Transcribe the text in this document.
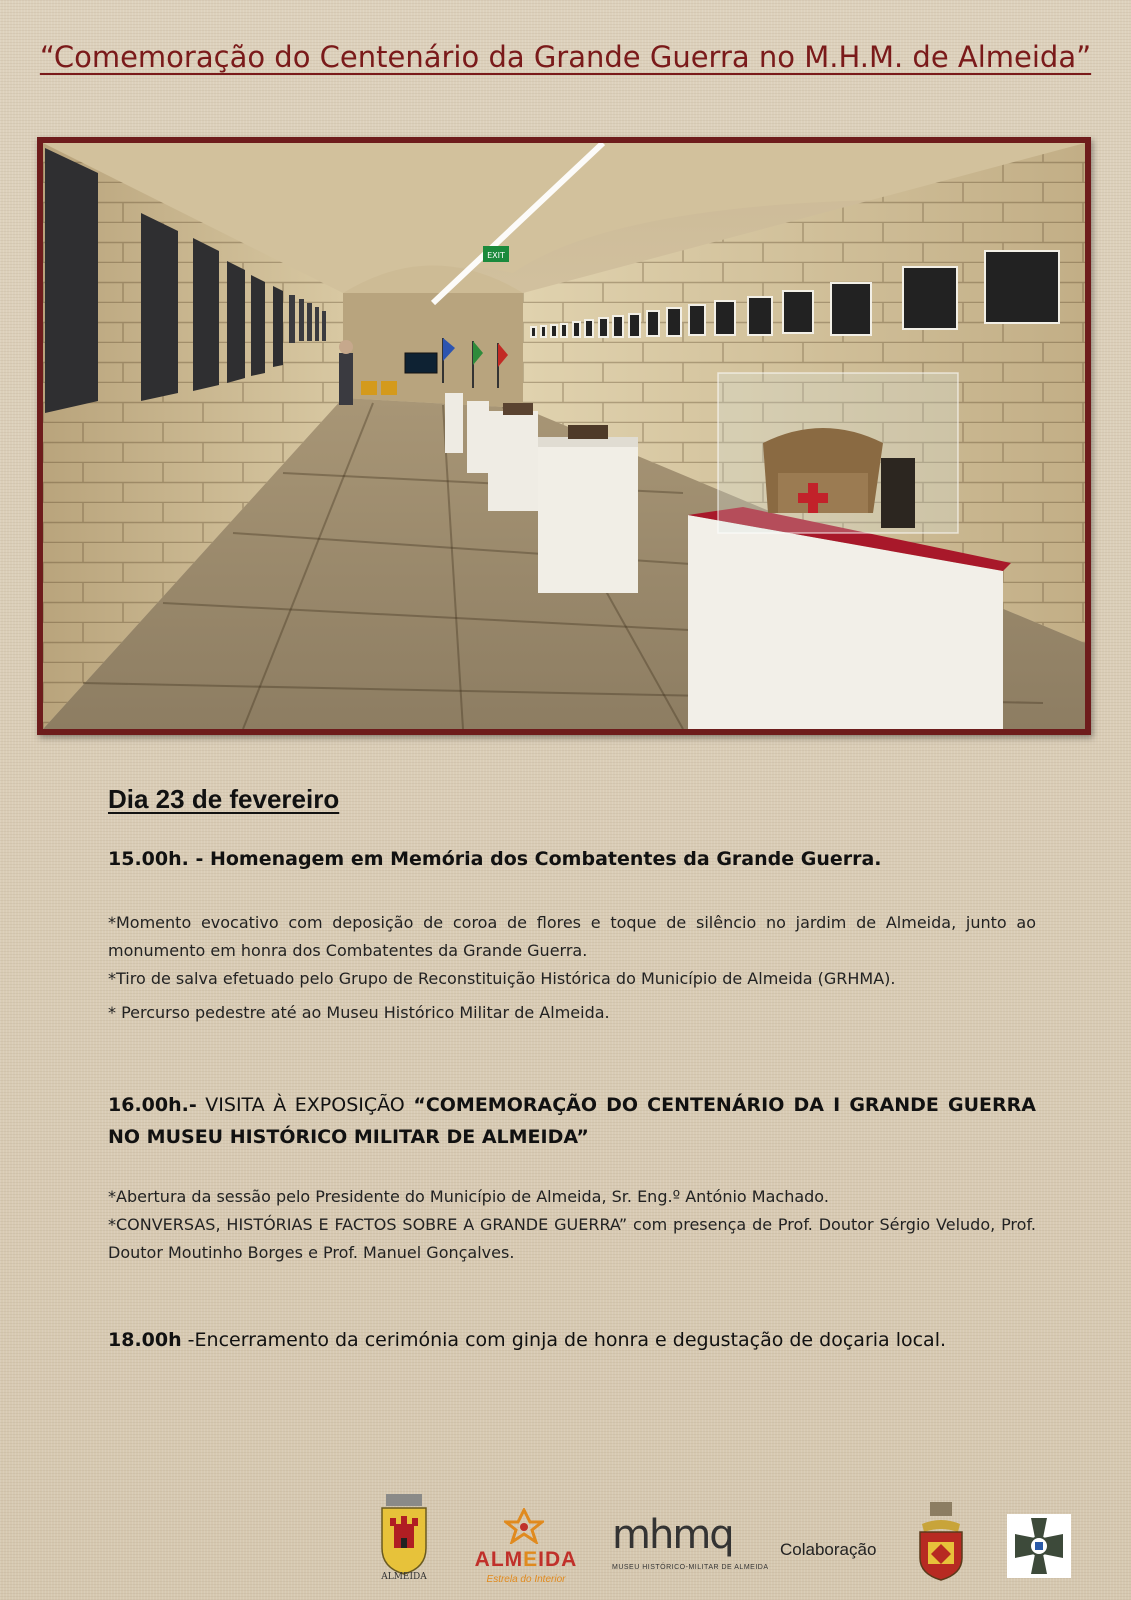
“Comemoração do Centenário da Grande Guerra no M.H.M. de Almeida”
EXIT
Dia 23 de fevereiro
15.00h. - Homenagem em Memória dos Combatentes da Grande Guerra.
*Momento evocativo com deposição de coroa de flores e toque de silêncio no jardim de Almeida, junto ao monumento em honra dos Combatentes da Grande Guerra.
*Tiro de salva efetuado pelo Grupo de Reconstituição Histórica do Município de Almeida (GRHMA).
* Percurso pedestre até ao Museu Histórico Militar de Almeida.
16.00h.- VISITA À EXPOSIÇÃO “COMEMORAÇÃO DO CENTENÁRIO DA I GRANDE GUERRA NO MUSEU HISTÓRICO MILITAR DE ALMEIDA”
*Abertura da sessão pelo Presidente do Município de Almeida, Sr. Eng.º António Machado.
*CONVERSAS, HISTÓRIAS E FACTOS SOBRE A GRANDE GUERRA” com presença de Prof. Doutor Sérgio Veludo, Prof. Doutor Moutinho Borges e Prof. Manuel Gonçalves.
18.00h -Encerramento da cerimónia com ginja de honra e degustação de doçaria local.
ALMEIDA
ALMEIDA
Estrela do Interior
mhmq
MUSEU HISTÓRICO-MILITAR DE ALMEIDA
Colaboração
